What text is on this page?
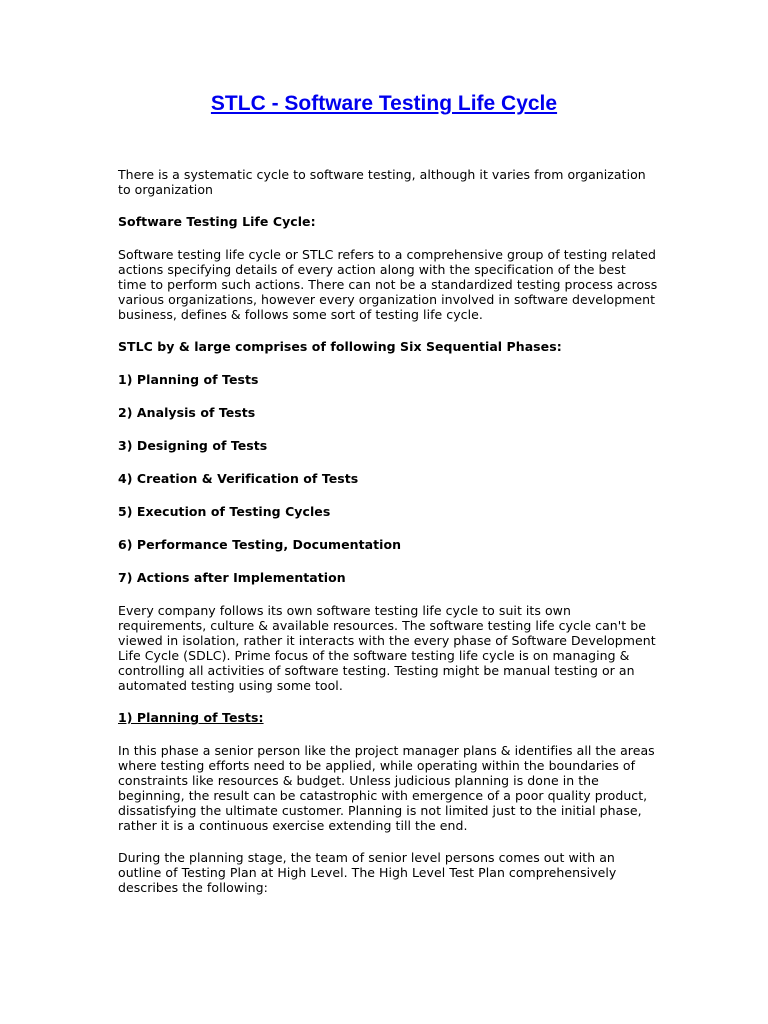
STLC - Software Testing Life Cycle

There is a systematic cycle to software testing, although it varies from organization to organization

Software Testing Life Cycle:

Software testing life cycle or STLC refers to a comprehensive group of testing related actions specifying details of every action along with the specification of the best time to perform such actions. There can not be a standardized testing process across various organizations, however every organization involved in software development business, defines & follows some sort of testing life cycle.

STLC by & large comprises of following Six Sequential Phases:

1) Planning of Tests

2) Analysis of Tests

3) Designing of Tests

4) Creation & Verification of Tests

5) Execution of Testing Cycles

6) Performance Testing, Documentation

7) Actions after Implementation

Every company follows its own software testing life cycle to suit its own requirements, culture & available resources. The software testing life cycle can't be viewed in isolation, rather it interacts with the every phase of Software Development Life Cycle (SDLC). Prime focus of the software testing life cycle is on managing & controlling all activities of software testing. Testing might be manual testing or an automated testing using some tool.

1) Planning of Tests:

In this phase a senior person like the project manager plans & identifies all the areas where testing efforts need to be applied, while operating within the boundaries of constraints like resources & budget. Unless judicious planning is done in the beginning, the result can be catastrophic with emergence of a poor quality product, dissatisfying the ultimate customer. Planning is not limited just to the initial phase, rather it is a continuous exercise extending till the end.

During the planning stage, the team of senior level persons comes out with an outline of Testing Plan at High Level. The High Level Test Plan comprehensively describes the following:
